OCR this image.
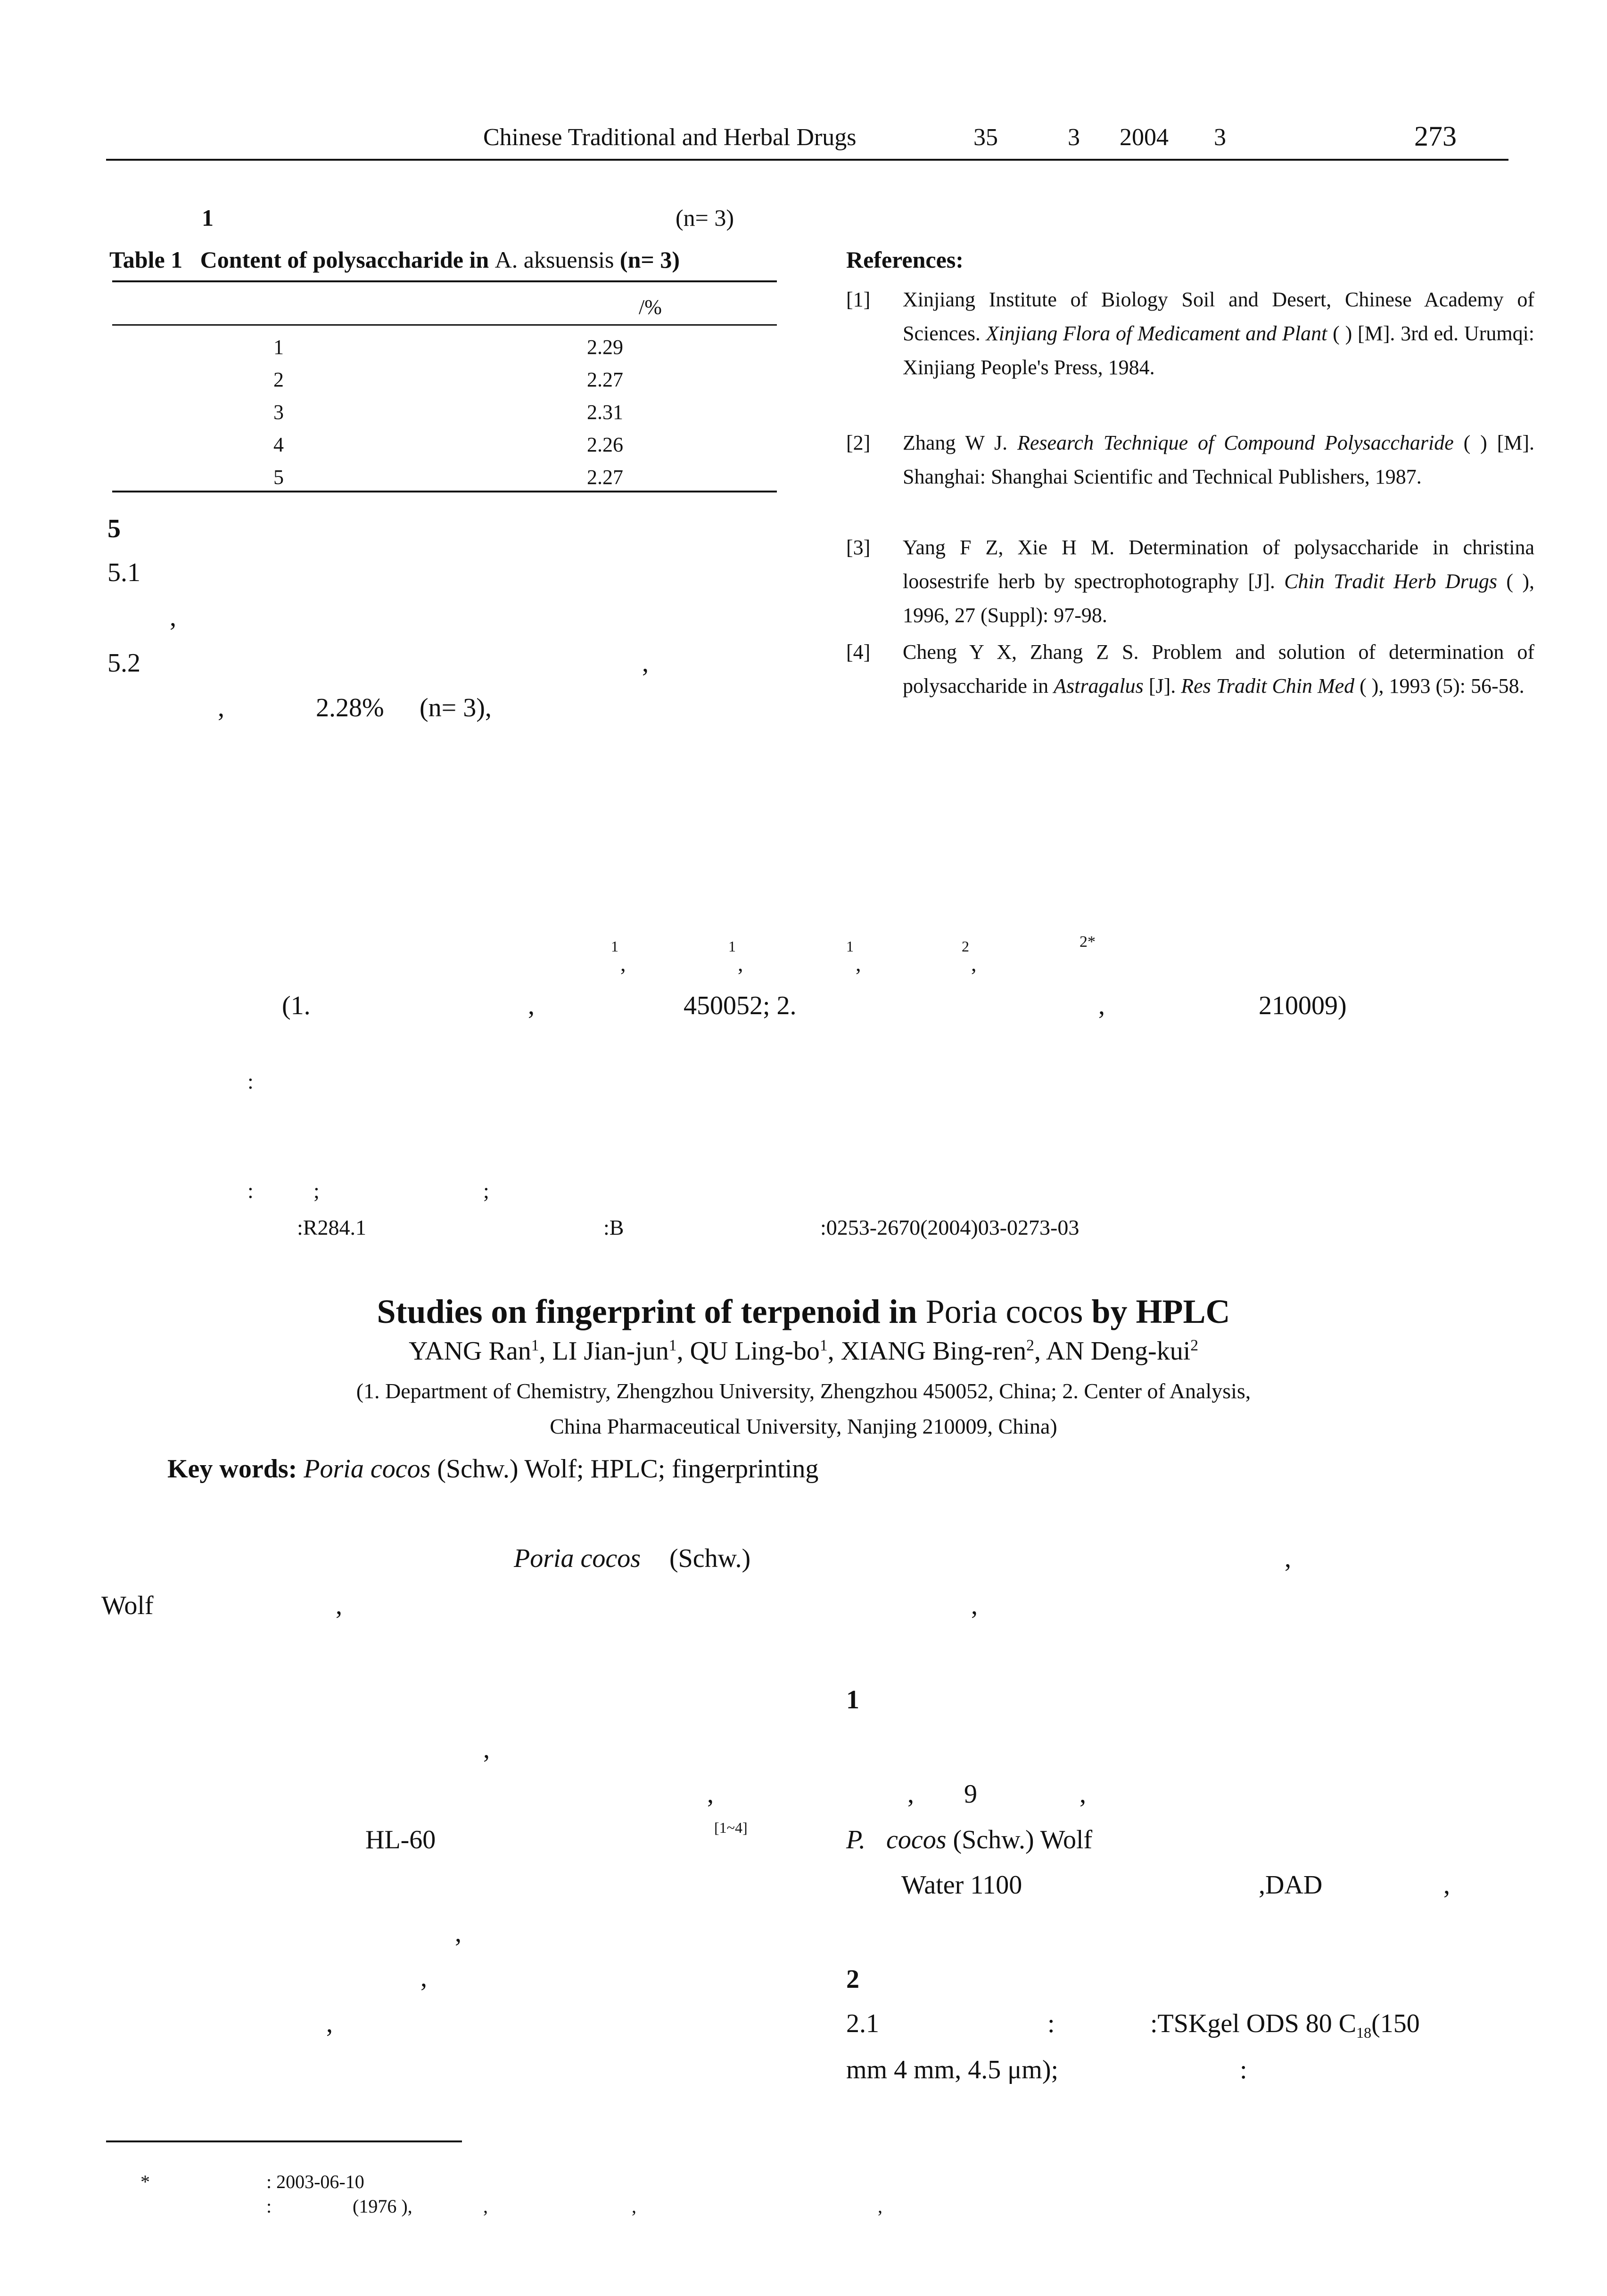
Chinese Traditional and Herbal Drugs	35	3 2004 3	273
1	(n= 3)
Table 1 Content of polysaccharide in A. aksuensis (n= 3)
/%
1	2.29
2	2.27
3	2.31
4	2.26
5	2.27
5
5.1
,
5.2	,
,	2.28% (n= 3),
References:
[1] Xinjiang Institute of Biology Soil and Desert, Chinese Academy of Sciences. Xinjiang Flora of Medicament and Plant ( ) [M]. 3rd ed. Urumqi: Xinjiang People's Press, 1984.
[2] Zhang W J. Research Technique of Compound Polysaccharide ( ) [M]. Shanghai: Shanghai Scientific and Technical Publishers, 1987.
[3] Yang F Z, Xie H M. Determination of polysaccharide in christina loosestrife herb by spectrophotography [J]. Chin Tradit Herb Drugs ( ), 1996, 27 (Suppl): 97-98.
[4] Cheng Y X, Zhang Z S. Problem and solution of determination of polysaccharide in Astragalus [J]. Res Tradit Chin Med ( ), 1993 (5): 56-58.
1
,
1
,
1
,
2
,
2*
(1.	,	450052; 2.	,	210009)
:
:	;	;
:R284.1	:B	:0253-2670(2004)03-0273-03
Studies on fingerprint of terpenoid in Poria cocos by HPLC
YANG Ran$^1$, LI Jian-jun$^1$, QU Ling-$bo^1$, XIANG Bing-ren$^2$, AN Deng-kui$^2$
(1. Department of Chemistry, Zhengzhou University, Zhengzhou 450052, China; 2. Center of Analysis,
China Pharmaceutical University, Nanjing 210009, China)
Key words: Poria cocos (Schw.) Wolf; HPLC; fingerprinting
Poria cocos (Schw.)	,
Wolf	,	,
,
,
HL-60	[1~4]
,
,
,
1
, 9	,
P. cocos (Schw.) Wolf
Water 1100	,DAD	,
2
2.1	:	:TSKgel ODS 80 $C_{18}(150$
mm 4 mm, 4.5 μm);	:
*	: 2003-06-10
:	(1976 ),	,	,	,
